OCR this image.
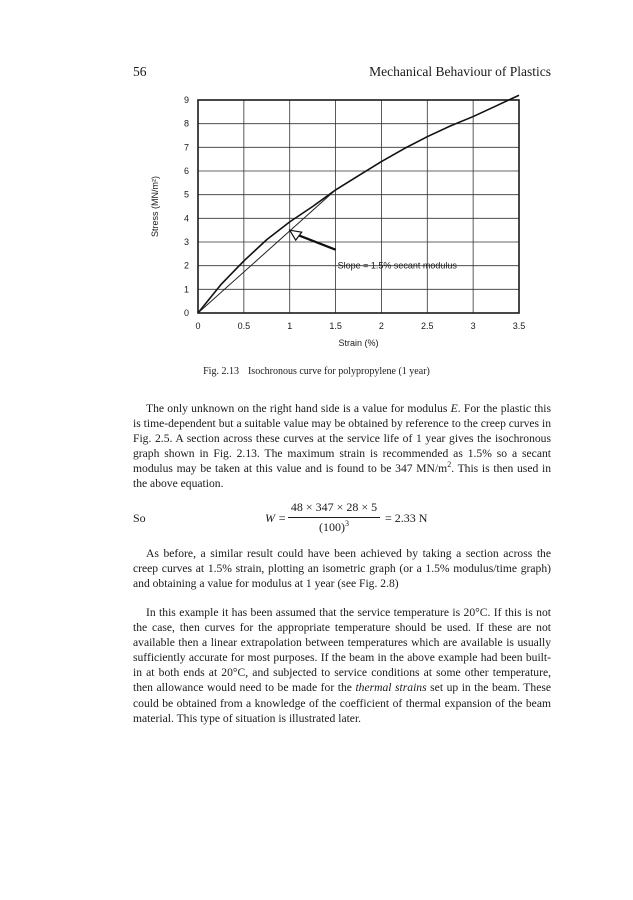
56	Mechanical Behaviour of Plastics
0	0.5	1	1.5	2	2.5	3	3.5
0
1
2
3
4
5
6
7
8
9
Strain (%)
Stress (MN/m²)
Slope = 1.5% secant modulus
Fig. 2.13 Isochronous curve for polypropylene (1 year)

The only unknown on the right hand side is a value for modulus E. For the plastic this is time-dependent but a suitable value may be obtained by reference to the creep curves in Fig. 2.5. A section across these curves at the service life of 1 year gives the isochronous graph shown in Fig. 2.13. The maximum strain is recommended as 1.5% so a secant modulus may be taken at this value and is found to be 347 $MN/m^2$. This is then used in the above equation.

So	$W = \frac{48 \times 347 \times 28 \times 5}{(100)^3} = 2.33$ N

As before, a similar result could have been achieved by taking a section across the creep curves at 1.5% strain, plotting an isometric graph (or a 1.5% modulus/time graph) and obtaining a value for modulus at 1 year (see Fig. 2.8)

In this example it has been assumed that the service temperature is 20°C. If this is not the case, then curves for the appropriate temperature should be used. If these are not available then a linear extrapolation between temperatures which are available is usually sufficiently accurate for most purposes. If the beam in the above example had been built-in at both ends at 20°C, and subjected to service conditions at some other temperature, then allowance would need to be made for the thermal strains set up in the beam. These could be obtained from a knowledge of the coefficient of thermal expansion of the beam material. This type of situation is illustrated later.
